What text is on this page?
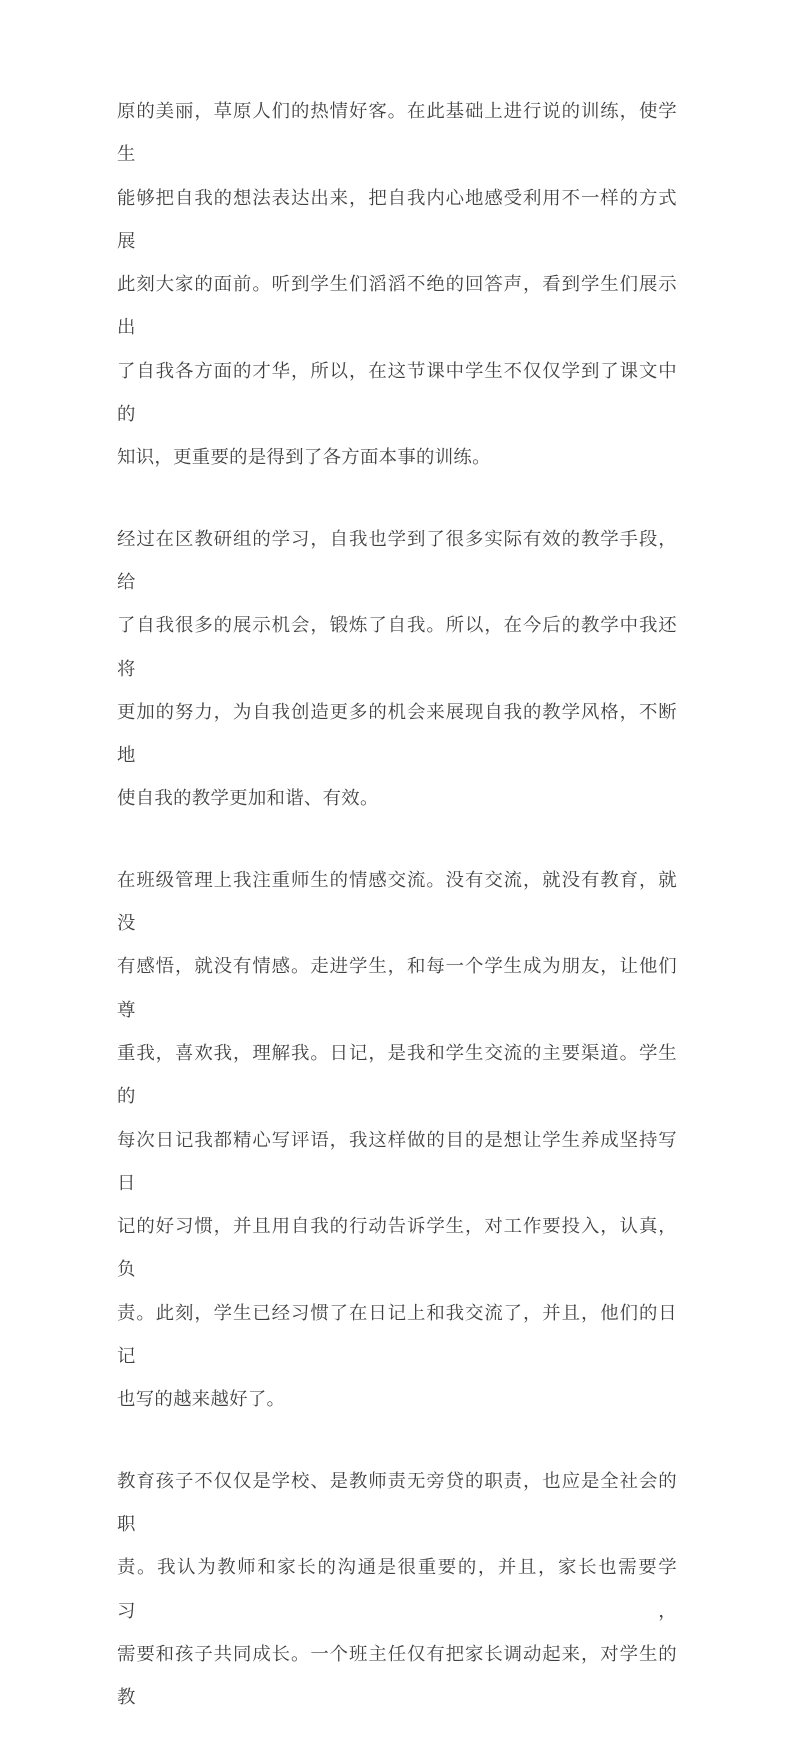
原的美丽，草原人们的热情好客。在此基础上进行说的训练，使学生
能够把自我的想法表达出来，把自我内心地感受利用不一样的方式展
此刻大家的面前。听到学生们滔滔不绝的回答声，看到学生们展示出
了自我各方面的才华，所以，在这节课中学生不仅仅学到了课文中的
知识，更重要的是得到了各方面本事的训练。
经过在区教研组的学习，自我也学到了很多实际有效的教学手段，给
了自我很多的展示机会，锻炼了自我。所以，在今后的教学中我还将
更加的努力，为自我创造更多的机会来展现自我的教学风格，不断地
使自我的教学更加和谐、有效。
在班级管理上我注重师生的情感交流。没有交流，就没有教育，就没
有感悟，就没有情感。走进学生，和每一个学生成为朋友，让他们尊
重我，喜欢我，理解我。日记，是我和学生交流的主要渠道。学生的
每次日记我都精心写评语，我这样做的目的是想让学生养成坚持写日
记的好习惯，并且用自我的行动告诉学生，对工作要投入，认真，负
责。此刻，学生已经习惯了在日记上和我交流了，并且，他们的日记
也写的越来越好了。
教育孩子不仅仅是学校、是教师责无旁贷的职责，也应是全社会的职
责。我认为教师和家长的沟通是很重要的，并且，家长也需要学习，
需要和孩子共同成长。一个班主任仅有把家长调动起来，对学生的教
